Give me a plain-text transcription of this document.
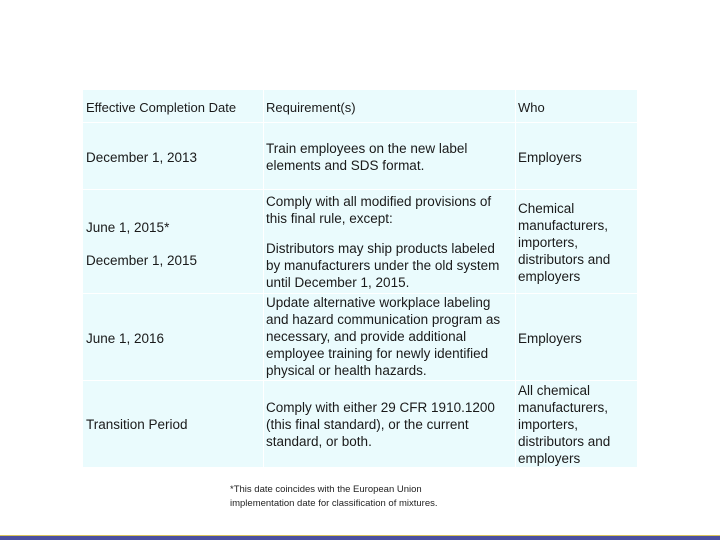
Effective Completion Date Requirement(s)	Who
December 1, 2013
Train employees on the new label
elements and SDS format.
Employers
June 1, 2015*
December 1, 2015
Comply with all modified provisions of
this final rule, except:
Distributors may ship products labeled
by manufacturers under the old system
until December 1, 2015.
Chemical
manufacturers,
importers,
distributors and
employers
June 1, 2016
Update alternative workplace labeling
and hazard communication program as
necessary, and provide additional
employee training for newly identified
physical or health hazards.
Employers
Transition Period
Comply with either 29 CFR 1910.1200
(this final standard), or the current
standard, or both.
All chemical
manufacturers,
importers,
distributors and
employers
*This date coincides with the European Union
implementation date for classification of mixtures.
